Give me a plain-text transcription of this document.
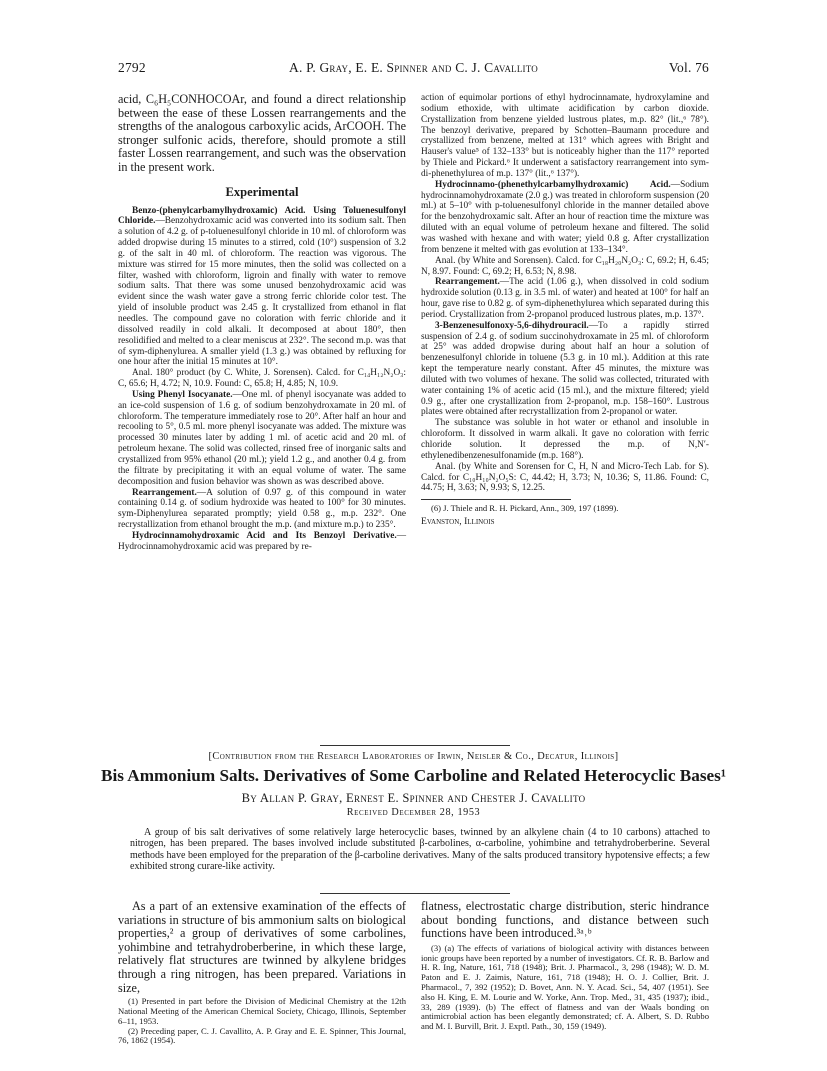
2792	A. P. Gray, E. E. Spinner and C. J. Cavallito	Vol. 76

acid, C₆H₅CONHOCOAr, and found a direct relationship between the ease of these Lossen rearrangements and the strengths of the analogous carboxylic acids, ArCOOH. The stronger sulfonic acids, therefore, should promote a still faster Lossen rearrangement, and such was the observation in the present work.

Experimental

Benzo-(phenylcarbamylhydroxamic) Acid. Using Toluenesulfonyl Chloride.—Benzohydroxamic acid was converted into its sodium salt. Then a solution of 4.2 g. of p-toluenesulfonyl chloride in 10 ml. of chloroform was added dropwise during 15 minutes to a stirred, cold (10°) suspension of 3.2 g. of the salt in 40 ml. of chloroform. The reaction was vigorous. The mixture was stirred for 15 more minutes, then the solid was collected on a filter, washed with chloroform, ligroin and finally with water to remove sodium salts. That there was some unused benzohydroxamic acid was evident since the wash water gave a strong ferric chloride color test. The yield of insoluble product was 2.45 g. It crystallized from ethanol in flat needles. The compound gave no coloration with ferric chloride and it dissolved readily in cold alkali. It decomposed at about 180°, then resolidified and melted to a clear meniscus at 232°. The second m.p. was that of sym-diphenylurea. A smaller yield (1.3 g.) was obtained by refluxing for one hour after the initial 15 minutes at 10°.

Anal. 180° product (by C. White, J. Sorensen). Calcd. for C₁₄H₁₂N₂O₃: C, 65.6; H, 4.72; N, 10.9. Found: C, 65.8; H, 4.85; N, 10.9.

Using Phenyl Isocyanate.—One ml. of phenyl isocyanate was added to an ice-cold suspension of 1.6 g. of sodium benzohydroxamate in 20 ml. of chloroform. The temperature immediately rose to 20°. After half an hour and recooling to 5°, 0.5 ml. more phenyl isocyanate was added. The mixture was processed 30 minutes later by adding 1 ml. of acetic acid and 20 ml. of petroleum hexane. The solid was collected, rinsed free of inorganic salts and crystallized from 95% ethanol (20 ml.); yield 1.2 g., and another 0.4 g. from the filtrate by precipitating it with an equal volume of water. The same decomposition and fusion behavior was shown as was described above.

Rearrangement.—A solution of 0.97 g. of this compound in water containing 0.14 g. of sodium hydroxide was heated to 100° for 30 minutes. sym-Diphenylurea separated promptly; yield 0.58 g., m.p. 232°. One recrystallization from ethanol brought the m.p. (and mixture m.p.) to 235°.

Hydrocinnamohydroxamic Acid and Its Benzoyl Derivative.—Hydrocinnamohydroxamic acid was prepared by re-

action of equimolar portions of ethyl hydrocinnamate, hydroxylamine and sodium ethoxide, with ultimate acidification by carbon dioxide. Crystallization from benzene yielded lustrous plates, m.p. 82° (lit.,⁶ 78°). The benzoyl derivative, prepared by Schotten–Baumann procedure and crystallized from benzene, melted at 131° which agrees with Bright and Hauser's value⁵ of 132–133° but is noticeably higher than the 117° reported by Thiele and Pickard.⁶ It underwent a satisfactory rearrangement into sym-di-phenethylurea of m.p. 137° (lit.,⁶ 137°).

Hydrocinnamo-(phenethylcarbamylhydroxamic) Acid.—Sodium hydrocinnamohydroxamate (2.0 g.) was treated in chloroform suspension (20 ml.) at 5–10° with p-toluenesulfonyl chloride in the manner detailed above for the benzohydroxamic salt. After an hour of reaction time the mixture was diluted with an equal volume of petroleum hexane and filtered. The solid was washed with hexane and with water; yield 0.8 g. After crystallization from benzene it melted with gas evolution at 133–134°.

Anal. (by White and Sorensen). Calcd. for C₁₈H₂₀N₂O₃: C, 69.2; H, 6.45; N, 8.97. Found: C, 69.2; H, 6.53; N, 8.98.

Rearrangement.—The acid (1.06 g.), when dissolved in cold sodium hydroxide solution (0.13 g. in 3.5 ml. of water) and heated at 100° for half an hour, gave rise to 0.82 g. of sym-diphenethylurea which separated during this period. Crystallization from 2-propanol produced lustrous plates, m.p. 137°.

3-Benzenesulfonoxy-5,6-dihydrouracil.—To a rapidly stirred suspension of 2.4 g. of sodium succinohydroxamate in 25 ml. of chloroform at 25° was added dropwise during about half an hour a solution of benzenesulfonyl chloride in toluene (5.3 g. in 10 ml.). Addition at this rate kept the temperature nearly constant. After 45 minutes, the mixture was diluted with two volumes of hexane. The solid was collected, triturated with water containing 1% of acetic acid (15 ml.), and the mixture filtered; yield 0.9 g., after one crystallization from 2-propanol, m.p. 158–160°. Lustrous plates were obtained after recrystallization from 2-propanol or water.

The substance was soluble in hot water or ethanol and insoluble in chloroform. It dissolved in warm alkali. It gave no coloration with ferric chloride solution. It depressed the m.p. of N,N′-ethylenedibenzenesulfonamide (m.p. 168°).

Anal. (by White and Sorensen for C, H, N and Micro-Tech Lab. for S). Calcd. for C₁₀H₁₀N₂O₅S: C, 44.42; H, 3.73; N, 10.36; S, 11.86. Found: C, 44.75; H, 3.63; N, 9.93; S, 12.25.

(6) J. Thiele and R. H. Pickard, Ann., 309, 197 (1899).

Evanston, Illinois

[Contribution from the Research Laboratories of Irwin, Neisler & Co., Decatur, Illinois]
Bis Ammonium Salts. Derivatives of Some Carboline and Related Heterocyclic Bases¹
By Allan P. Gray, Ernest E. Spinner and Chester J. Cavallito
Received December 28, 1953
A group of bis salt derivatives of some relatively large heterocyclic bases, twinned by an alkylene chain (4 to 10 carbons) attached to nitrogen, has been prepared. The bases involved include substituted β-carbolines, α-carboline, yohimbine and tetrahydroberberine. Several methods have been employed for the preparation of the β-carboline derivatives. Many of the salts produced transitory hypotensive effects; a few exhibited strong curare-like activity.

As a part of an extensive examination of the effects of variations in structure of bis ammonium salts on biological properties,² a group of derivatives of some carbolines, yohimbine and tetrahydroberberine, in which these large, relatively flat structures are twinned by alkylene bridges through a ring nitrogen, has been prepared. Variations in size,

(1) Presented in part before the Division of Medicinal Chemistry at the 12th National Meeting of the American Chemical Society, Chicago, Illinois, September 6–11, 1953.

(2) Preceding paper, C. J. Cavallito, A. P. Gray and E. E. Spinner, This Journal, 76, 1862 (1954).

flatness, electrostatic charge distribution, steric hindrance about bonding functions, and distance between such functions have been introduced.³ᵃ˒ᵇ

(3) (a) The effects of variations of biological activity with distances between ionic groups have been reported by a number of investigators. Cf. R. B. Barlow and H. R. Ing, Nature, 161, 718 (1948); Brit. J. Pharmacol., 3, 298 (1948); W. D. M. Paton and E. J. Zaimis, Nature, 161, 718 (1948); H. O. J. Collier, Brit. J. Pharmacol., 7, 392 (1952); D. Bovet, Ann. N. Y. Acad. Sci., 54, 407 (1951). See also H. King, E. M. Lourie and W. Yorke, Ann. Trop. Med., 31, 435 (1937); ibid., 33, 289 (1939). (b) The effect of flatness and van der Waals bonding on antimicrobial action has been elegantly demonstrated; cf. A. Albert, S. D. Rubbo and M. I. Burvill, Brit. J. Exptl. Path., 30, 159 (1949).
